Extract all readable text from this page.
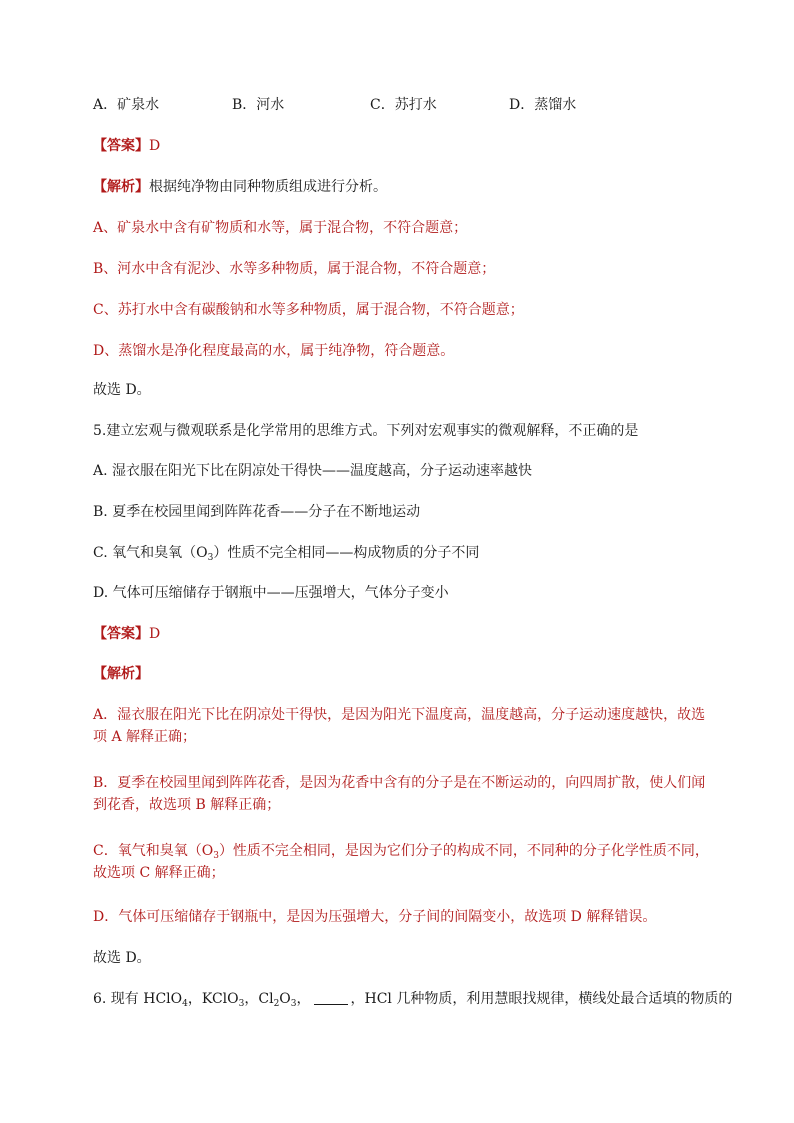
A．矿泉水	B．河水	C．苏打水	D．蒸馏水
【答案】D
【解析】根据纯净物由同种物质组成进行分析。
A、矿泉水中含有矿物质和水等，属于混合物，不符合题意；
B、河水中含有泥沙、水等多种物质，属于混合物，不符合题意；
C、苏打水中含有碳酸钠和水等多种物质，属于混合物，不符合题意；
D、蒸馏水是净化程度最高的水，属于纯净物，符合题意。
故选 D。
5.建立宏观与微观联系是化学常用的思维方式。下列对宏观事实的微观解释，不正确的是
A. 湿衣服在阳光下比在阴凉处干得快——温度越高，分子运动速率越快
B. 夏季在校园里闻到阵阵花香——分子在不断地运动
C. 氧气和臭氧$(O_3)$性质不完全相同——构成物质的分子不同
D. 气体可压缩储存于钢瓶中——压强增大，气体分子变小
【答案】D
【解析】
A．湿衣服在阳光下比在阴凉处干得快，是因为阳光下温度高，温度越高，分子运动速度越快，故选项 A 解释正确；
B．夏季在校园里闻到阵阵花香，是因为花香中含有的分子是在不断运动的，向四周扩散，使人们闻到花香，故选项 B 解释正确；
C．氧气和臭氧$(O_3)$性质不完全相同，是因为它们分子的构成不同，不同种的分子化学性质不同，故选项 C 解释正确；
D．气体可压缩储存于钢瓶中，是因为压强增大，分子间的间隔变小，故选项 D 解释错误。
故选 D。
6. 现有 HClO$_4$，KClO$_3$，$Cl_2O_3$，	，HCl 几种物质，利用慧眼找规律，横线处最合适填的物质的
